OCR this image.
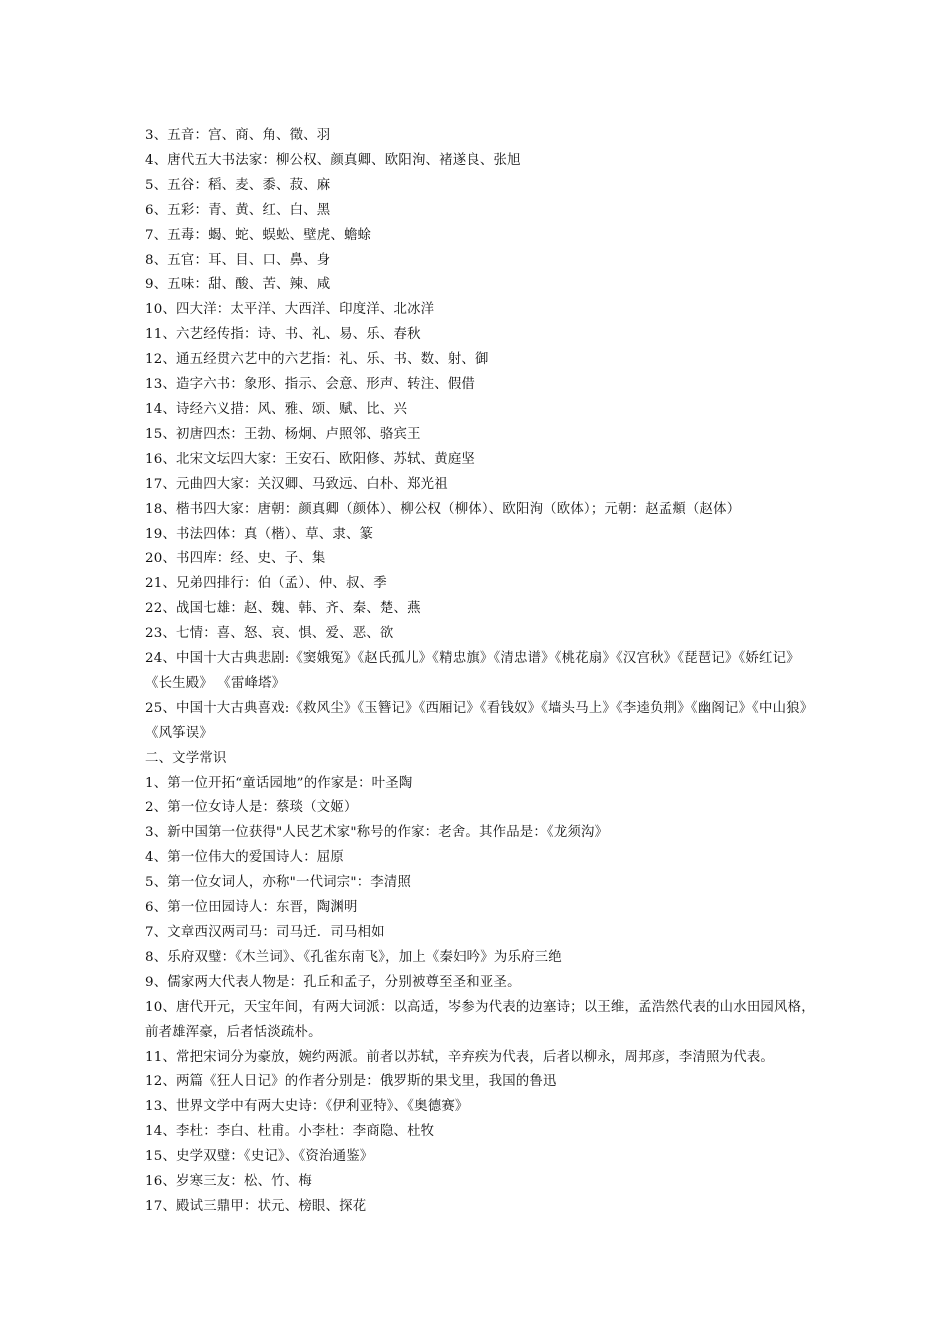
3、五音：宫、商、角、徵、羽
4、唐代五大书法家：柳公权、颜真卿、欧阳洵、褚遂良、张旭
5、五谷：稻、麦、黍、菽、麻
6、五彩：青、黄、红、白、黑
7、五毒：蝎、蛇、蜈蚣、壁虎、蟾蜍
8、五官：耳、目、口、鼻、身
9、五味：甜、酸、苦、辣、咸
10、四大洋：太平洋、大西洋、印度洋、北冰洋
11、六艺经传指：诗、书、礼、易、乐、春秋
12、通五经贯六艺中的六艺指：礼、乐、书、数、射、御
13、造字六书：象形、指示、会意、形声、转注、假借
14、诗经六义措：风、雅、颂、赋、比、兴
15、初唐四杰：王勃、杨炯、卢照邻、骆宾王
16、北宋文坛四大家：王安石、欧阳修、苏轼、黄庭坚
17、元曲四大家：关汉卿、马致远、白朴、郑光祖
18、楷书四大家：唐朝：颜真卿（颜体）、柳公权（柳体）、欧阳洵（欧体）；元朝：赵孟頫（赵体）
19、书法四体：真（楷）、草、隶、篆
20、书四库：经、史、子、集
21、兄弟四排行：伯（孟）、仲、叔、季
22、战国七雄：赵、魏、韩、齐、秦、楚、燕
23、七情：喜、怒、哀、惧、爱、恶、欲
24、中国十大古典悲剧:《窦娥冤》《赵氏孤儿》《精忠旗》《清忠谱》《桃花扇》《汉宫秋》《琵琶记》《娇红记》《长生殿》 《雷峰塔》
25、中国十大古典喜戏:《救风尘》《玉簪记》《西厢记》《看钱奴》《墙头马上》《李逵负荆》《幽阁记》《中山狼》《风筝误》
二、文学常识
1、第一位开拓“童话园地”的作家是：叶圣陶
2、第一位女诗人是：蔡琰（文姬）
3、新中国第一位获得"人民艺术家"称号的作家：老舍。其作品是：《龙须沟》
4、第一位伟大的爱国诗人：屈原
5、第一位女词人，亦称"一代词宗"：李清照
6、第一位田园诗人：东晋，陶渊明
7、文章西汉两司马：司马迁．司马相如
8、乐府双璧：《木兰词》、《孔雀东南飞》，加上《秦妇吟》为乐府三绝
9、儒家两大代表人物是：孔丘和孟子，分别被尊至圣和亚圣。
10、唐代开元，天宝年间，有两大词派：以高适，岑参为代表的边塞诗；以王维，孟浩然代表的山水田园风格，前者雄浑豪，后者恬淡疏朴。
11、常把宋词分为豪放，婉约两派。前者以苏轼，辛弃疾为代表，后者以柳永，周邦彦，李清照为代表。
12、两篇《狂人日记》的作者分别是：俄罗斯的果戈里，我国的鲁迅
13、世界文学中有两大史诗：《伊利亚特》、《奥德赛》
14、李杜：李白、杜甫。小李杜：李商隐、杜牧
15、史学双璧：《史记》、《资治通鉴》
16、岁寒三友：松、竹、梅
17、殿试三鼎甲：状元、榜眼、探花
